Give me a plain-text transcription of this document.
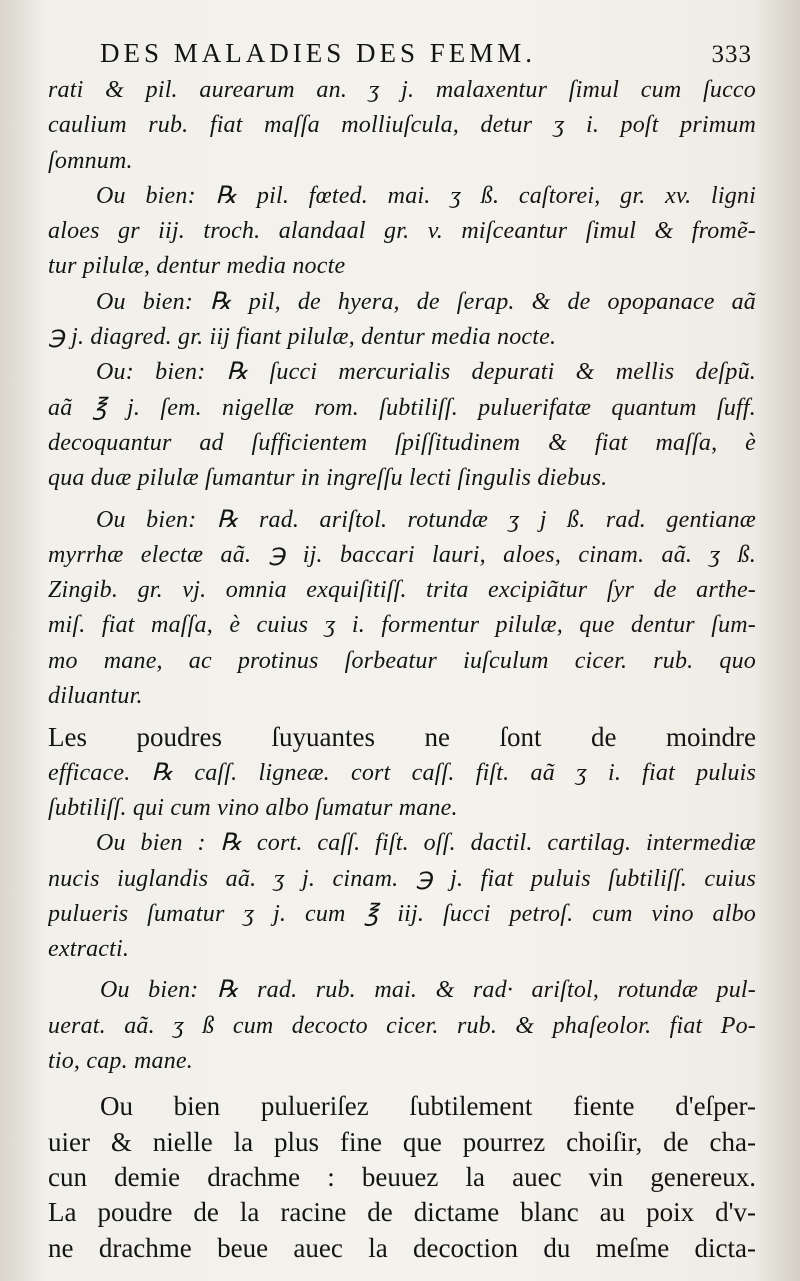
DES MALADIES DES FEMM.	333
rati & pil. aurearum an. ʒ j. malaxentur ſimul cum ſucco
caulium rub. fiat maſſa molliuſcula, detur ʒ i. poſt primum
ſomnum.
Ou bien: ℞ pil. fœted. mai. ʒ ß. caſtorei, gr. xv. ligni
aloes gr iij. troch. alandaal gr. v. miſceantur ſimul & fromẽ-
tur pilulæ, dentur media nocte
Ou bien: ℞ pil, de hyera, de ſerap. & de opopanace aã
℈ j. diagred. gr. iij fiant pilulæ, dentur media nocte.
Ou: bien: ℞ ſucci mercurialis depurati & mellis deſpũ.
aã ℥ j. ſem. nigellæ rom. ſubtiliſſ. puluerifatæ quantum ſuff.
decoquantur ad ſufficientem ſpiſſitudinem & fiat maſſa, è
qua duæ pilulæ ſumantur in ingreſſu lecti ſingulis diebus.
Ou bien: ℞ rad. ariſtol. rotundæ ʒ j ß. rad. gentianæ
myrrhæ electæ aã. ℈ ij. baccari lauri, aloes, cinam. aã. ʒ ß.
Zingib. gr. vj. omnia exquiſitiſſ. trita excipiãtur ſyr de arthe-
miſ. fiat maſſa, è cuius ʒ i. formentur pilulæ, que dentur ſum-
mo mane, ac protinus ſorbeatur iuſculum cicer. rub. quo
diluantur.
Les poudres ſuyuantes ne ſont de moindre
efficace. ℞ caſſ. ligneæ. cort caſſ. fiſt. aã ʒ i. fiat puluis
ſubtiliſſ. qui cum vino albo ſumatur mane.
Ou bien : ℞ cort. caſſ. fiſt. oſſ. dactil. cartilag. intermediæ
nucis iuglandis aã. ʒ j. cinam. ℈ j. fiat puluis ſubtiliſſ. cuius
pulueris ſumatur ʒ j. cum ℥ iij. ſucci petroſ. cum vino albo
extracti.
Ou bien: ℞ rad. rub. mai. & rad· ariſtol, rotundæ pul-
uerat. aã. ʒ ß cum decocto cicer. rub. & phaſeolor. fiat Po-
tio, cap. mane.
Ou bien pulueriſez ſubtilement fiente d'eſper-
uier & nielle la plus fine que pourrez choiſir, de cha-
cun demie drachme : beuuez la auec vin genereux.
La poudre de la racine de dictame blanc au poix d'v-
ne drachme beue auec la decoction du meſme dicta-
